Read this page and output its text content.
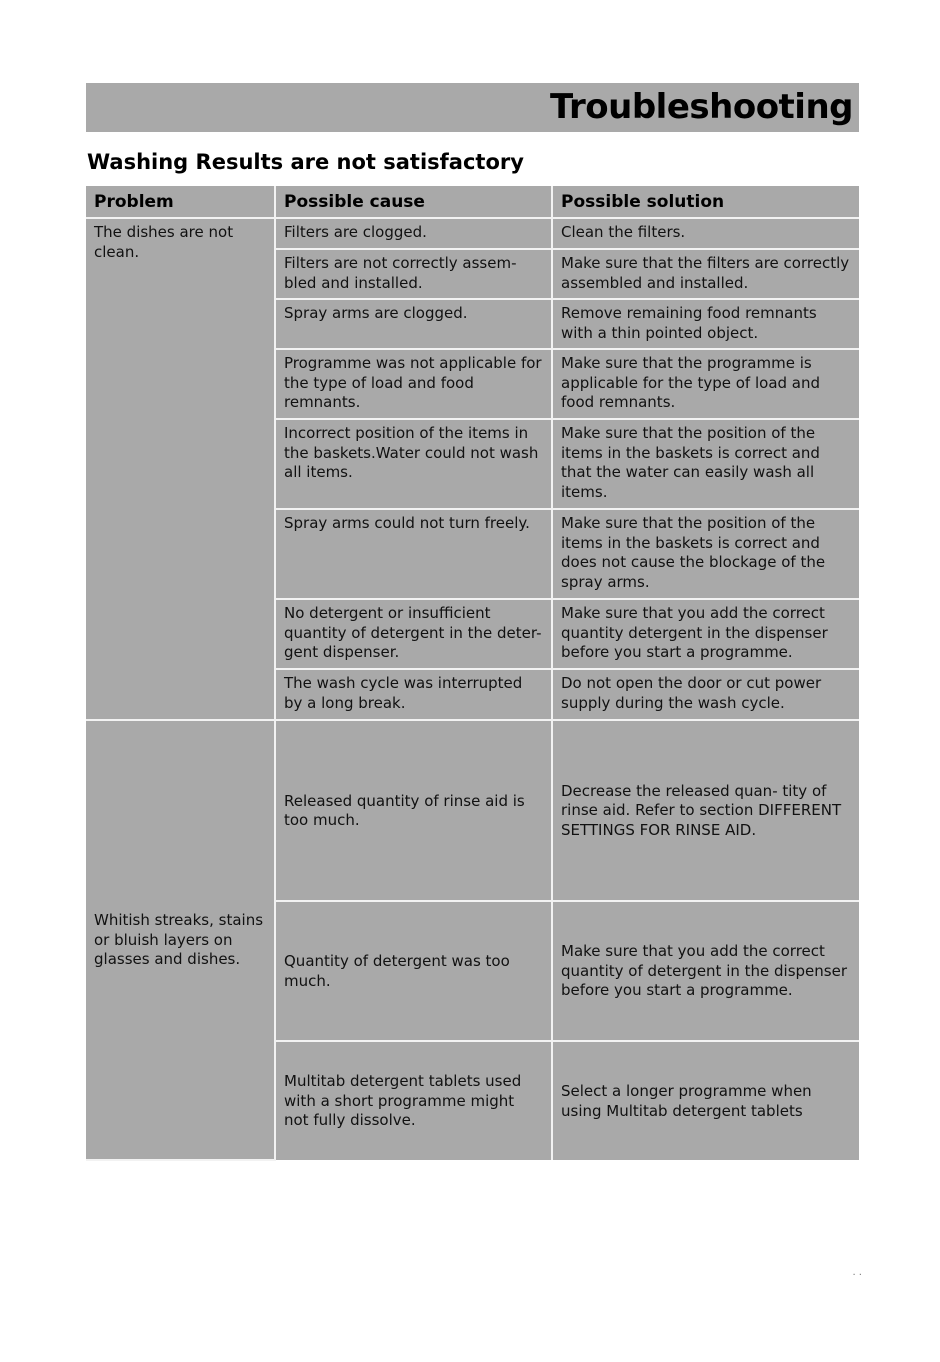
Troubleshooting
Washing Results are not satisfactory
Problem	Possible cause	Possible solution
The dishes are not clean.	Filters are clogged.	Clean the filters.
	Filters are not correctly assem- bled and installed.	Make sure that the filters are correctly assembled and installed.
	Spray arms are clogged.	Remove remaining food remnants with a thin pointed object.
	Programme was not applicable for the type of load and food remnants.	Make sure that the programme is applicable for the type of load and food remnants.
	Incorrect position of the items in the baskets.Water could not wash all items.	Make sure that the position of the items in the baskets is correct and that the water can easily wash all items.
	Spray arms could not turn freely.	Make sure that the position of the items in the baskets is correct and does not cause the blockage of the spray arms.
	No detergent or insufficient quantity of detergent in the deter- gent dispenser.	Make sure that you add the correct quantity detergent in the dispenser before you start a programme.
	The wash cycle was interrupted by a long break.	Do not open the door or cut power supply during the wash cycle.
Whitish streaks, stains or bluish layers on glasses and dishes.	Released quantity of rinse aid is too much.	Decrease the released quan- tity of rinse aid. Refer to section DIFFERENT SETTINGS FOR RINSE AID.
	Quantity of detergent was too much.	Make sure that you add the correct quantity of detergent in the dispenser before you start a programme.
	Multitab detergent tablets used with a short programme might not fully dissolve.	Select a longer programme when using Multitab detergent tablets
· ·
